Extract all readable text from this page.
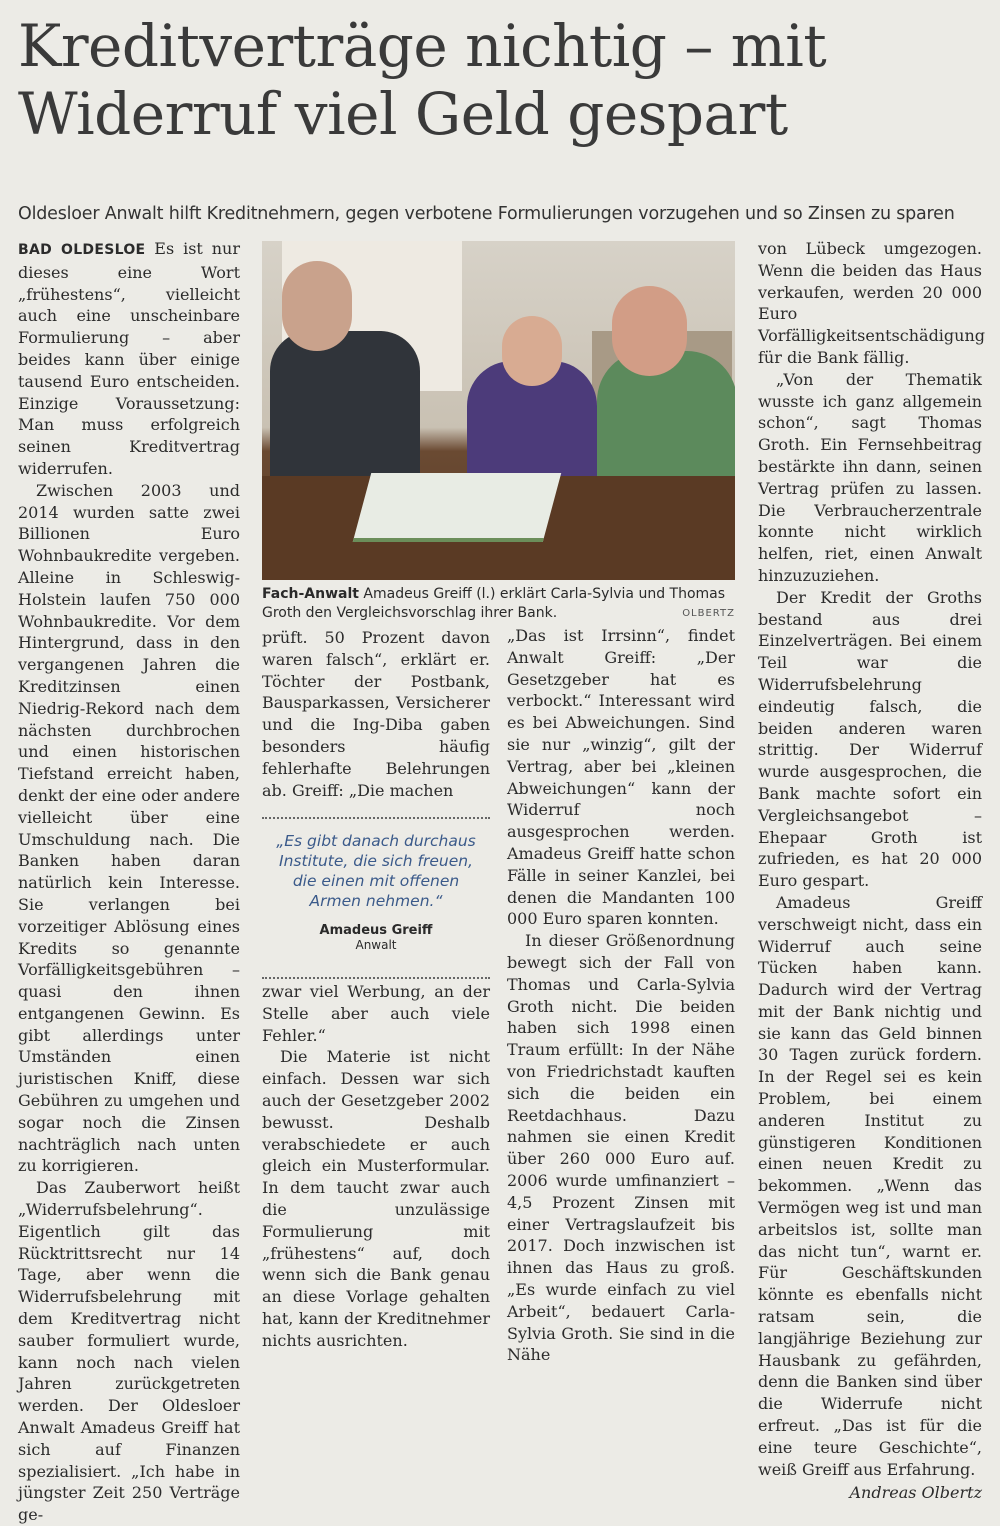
Kreditverträge nichtig – mit Widerruf viel Geld gespart
Oldesloer Anwalt hilft Kreditnehmern, gegen verbotene Formulierungen vorzugehen und so Zinsen zu sparen

BAD OLDESLOE Es ist nur dieses eine Wort „frühestens“, vielleicht auch eine unscheinbare Formulierung – aber beides kann über einige tausend Euro entscheiden. Einzige Voraussetzung: Man muss erfolgreich seinen Kreditvertrag widerrufen.

Zwischen 2003 und 2014 wurden satte zwei Billionen Euro Wohnbaukredite vergeben. Alleine in Schleswig-Holstein laufen 750 000 Wohnbaukredite. Vor dem Hintergrund, dass in den vergangenen Jahren die Kreditzinsen einen Niedrig-Rekord nach dem nächsten durchbrochen und einen historischen Tiefstand erreicht haben, denkt der eine oder andere vielleicht über eine Umschuldung nach. Die Banken haben daran natürlich kein Interesse. Sie verlangen bei vorzeitiger Ablösung eines Kredits so genannte Vorfälligkeitsgebühren – quasi den ihnen entgangenen Gewinn. Es gibt allerdings unter Umständen einen juristischen Kniff, diese Gebühren zu umgehen und sogar noch die Zinsen nachträglich nach unten zu korrigieren.

Das Zauberwort heißt „Widerrufsbelehrung“. Eigentlich gilt das Rücktrittsrecht nur 14 Tage, aber wenn die Widerrufsbelehrung mit dem Kreditvertrag nicht sauber formuliert wurde, kann noch nach vielen Jahren zurückgetreten werden. Der Oldesloer Anwalt Amadeus Greiff hat sich auf Finanzen spezialisiert. „Ich habe in jüngster Zeit 250 Verträge ge-

Fach-Anwalt Amadeus Greiff (l.) erklärt Carla-Sylvia und Thomas Groth den Vergleichsvorschlag ihrer Bank.	OLBERTZ

prüft. 50 Prozent davon waren falsch“, erklärt er. Töchter der Postbank, Bausparkassen, Versicherer und die Ing-Diba gaben besonders häufig fehlerhafte Belehrungen ab. Greiff: „Die machen

„Es gibt danach durchaus Institute, die sich freuen, die einen mit offenen Armen nehmen.“
Amadeus Greiff
Anwalt

zwar viel Werbung, an der Stelle aber auch viele Fehler.“

Die Materie ist nicht einfach. Dessen war sich auch der Gesetzgeber 2002 bewusst. Deshalb verabschiedete er auch gleich ein Musterformular. In dem taucht zwar auch die unzulässige Formulierung mit „frühestens“ auf, doch wenn sich die Bank genau an diese Vorlage gehalten hat, kann der Kreditnehmer nichts ausrichten.

„Das ist Irrsinn“, findet Anwalt Greiff: „Der Gesetzgeber hat es verbockt.“ Interessant wird es bei Abweichungen. Sind sie nur „winzig“, gilt der Vertrag, aber bei „kleinen Abweichungen“ kann der Widerruf noch ausgesprochen werden. Amadeus Greiff hatte schon Fälle in seiner Kanzlei, bei denen die Mandanten 100 000 Euro sparen konnten.

In dieser Größenordnung bewegt sich der Fall von Thomas und Carla-Sylvia Groth nicht. Die beiden haben sich 1998 einen Traum erfüllt: In der Nähe von Friedrichstadt kauften sich die beiden ein Reetdachhaus. Dazu nahmen sie einen Kredit über 260 000 Euro auf. 2006 wurde umfinanziert – 4,5 Prozent Zinsen mit einer Vertragslaufzeit bis 2017. Doch inzwischen ist ihnen das Haus zu groß. „Es wurde einfach zu viel Arbeit“, bedauert Carla-Sylvia Groth. Sie sind in die Nähe

von Lübeck umgezogen. Wenn die beiden das Haus verkaufen, werden 20 000 Euro Vorfälligkeitsentschädigung für die Bank fällig.

„Von der Thematik wusste ich ganz allgemein schon“, sagt Thomas Groth. Ein Fernsehbeitrag bestärkte ihn dann, seinen Vertrag prüfen zu lassen. Die Verbraucherzentrale konnte nicht wirklich helfen, riet, einen Anwalt hinzuzuziehen.

Der Kredit der Groths bestand aus drei Einzelverträgen. Bei einem Teil war die Widerrufsbelehrung eindeutig falsch, die beiden anderen waren strittig. Der Widerruf wurde ausgesprochen, die Bank machte sofort ein Vergleichsangebot – Ehepaar Groth ist zufrieden, es hat 20 000 Euro gespart.

Amadeus Greiff verschweigt nicht, dass ein Widerruf auch seine Tücken haben kann. Dadurch wird der Vertrag mit der Bank nichtig und sie kann das Geld binnen 30 Tagen zurück fordern. In der Regel sei es kein Problem, bei einem anderen Institut zu günstigeren Konditionen einen neuen Kredit zu bekommen. „Wenn das Vermögen weg ist und man arbeitslos ist, sollte man das nicht tun“, warnt er. Für Geschäftskunden könnte es ebenfalls nicht ratsam sein, die langjährige Beziehung zur Hausbank zu gefährden, denn die Banken sind über die Widerrufe nicht erfreut. „Das ist für die eine teure Geschichte“, weiß Greiff aus Erfahrung.

Andreas Olbertz
